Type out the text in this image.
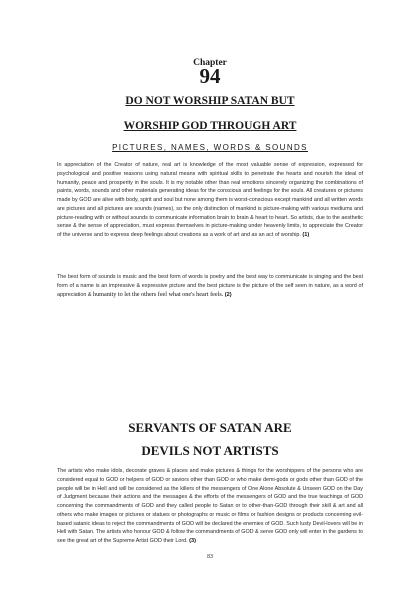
Chapter
94
DO NOT WORSHIP SATAN BUT
WORSHIP GOD THROUGH ART
PICTURES, NAMES, WORDS & SOUNDS

In appreciation of the Creator of nature, real art is knowledge of the most valuable sense of expression, expressed for psychological and positive reasons using natural means with spiritual skills to penetrate the hearts and nourish the ideal of humanity, peace and prosperity in the souls. It is my notable other than real emotions sincerely organizing the combinations of paints, words, sounds and other materials generating ideas for the conscious and feelings for the souls. All creatures or pictures made by GOD are alive with body, spirit and soul but none among them is worst-conscious except mankind and all written words are pictures and all pictures are sounds (names), so the only distinction of mankind is picture-making with various mediums and picture-reading with or without sounds to communicate information brain to brain & heart to heart. So artists, due to the aesthetic sense & the sense of appreciation, must express themselves in picture-making under heavenly limits, to appreciate the Creator of the universe and to express deep feelings about creations as a work of art and as an act of worship. (1)

The best form of sounds is music and the best form of words is poetry and the best way to communicate is singing and the best form of a name is an impressive & expressive picture and the best picture is the picture of the self seen in nature, as a word of appreciation & humanity to let the others feel what one's heart feels. (2)

SERVANTS OF SATAN ARE
DEVILS NOT ARTISTS

The artists who make idols, decorate graves & places and make pictures & things for the worshippers of the persons who are considered equal to GOD or helpers of GOD or saviors other than GOD or who make demi-gods or gods other than GOD of the people will be in Hell and will be considered as the killers of the messengers of One Alone Absolute & Unseen GOD on the Day of Judgment because their actions and the messages & the efforts of the messengers of GOD and the true teachings of GOD concerning the commandments of GOD and they called people to Satan or to other-than-GOD through their skill & art and all others who make images or pictures or statues or photographs or music or films or fashion designs or products concerning evil-based satanic ideas to reject the commandments of GOD will be declared the enemies of GOD. Such lusty Devil-lovers will be in Hell with Satan. The artists who honour GOD & follow the commandments of GOD & serve GOD only will enter in the gardens to see the great art of the Supreme Artist GOD their Lord. (3)

83
